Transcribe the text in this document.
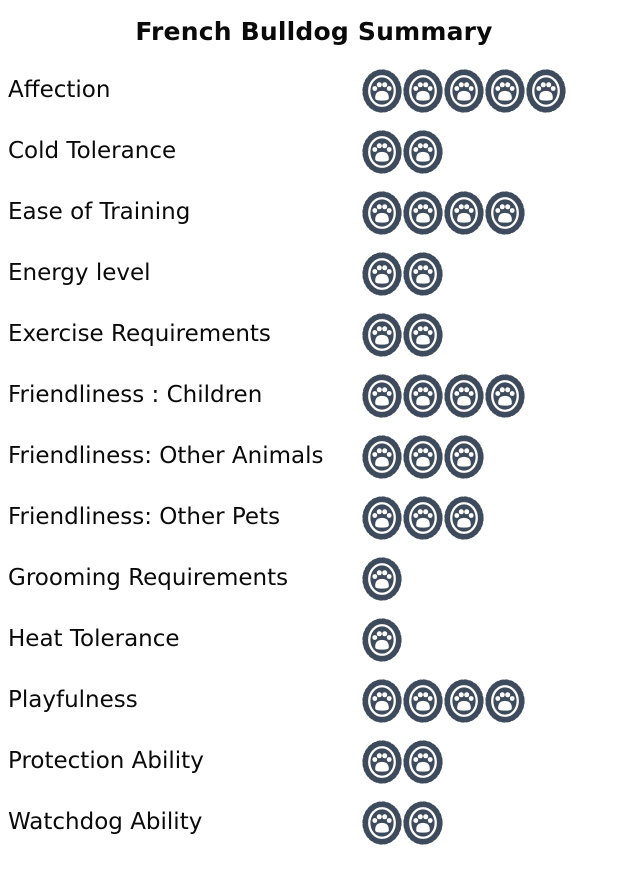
French Bulldog Summary
Affection
Cold Tolerance
Ease of Training
Energy level
Exercise Requirements
Friendliness : Children
Friendliness: Other Animals
Friendliness: Other Pets
Grooming Requirements
Heat Tolerance
Playfulness
Protection Ability
Watchdog Ability
